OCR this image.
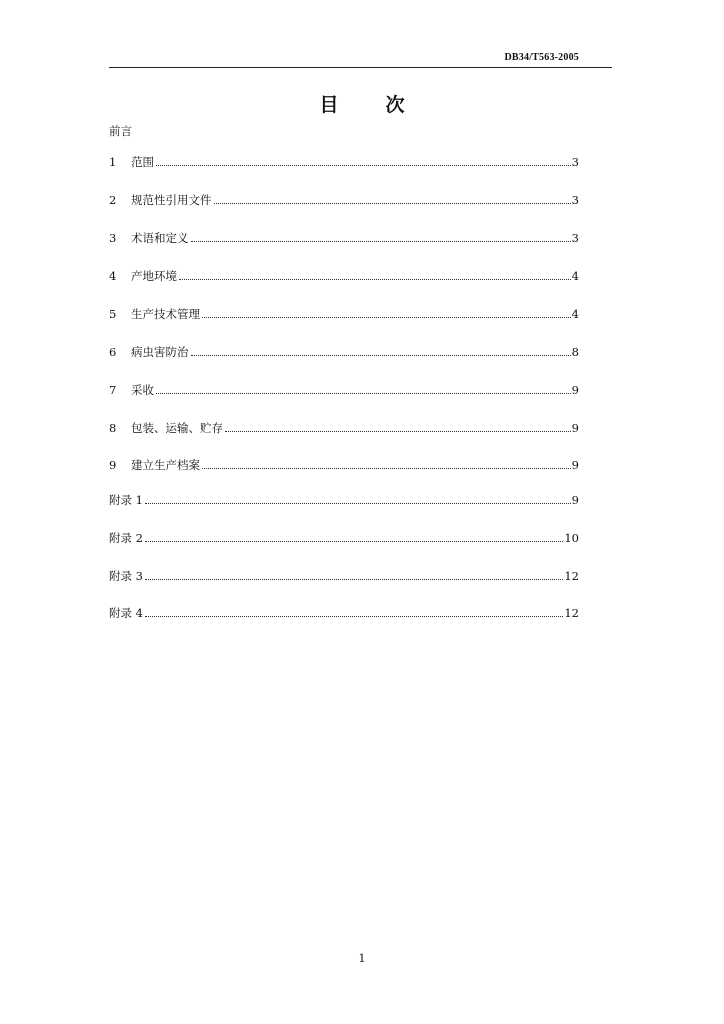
DB34/T563-2005
目　次
前言
1	范围	3
2	规范性引用文件	3
3	术语和定义	3
4	产地环境	4
5	生产技术管理	4
6	病虫害防治	8
7	采收	9
8	包装、运输、贮存	9
9	建立生产档案	9
附录 1	9
附录 2	10
附录 3	12
附录 4	12
1
